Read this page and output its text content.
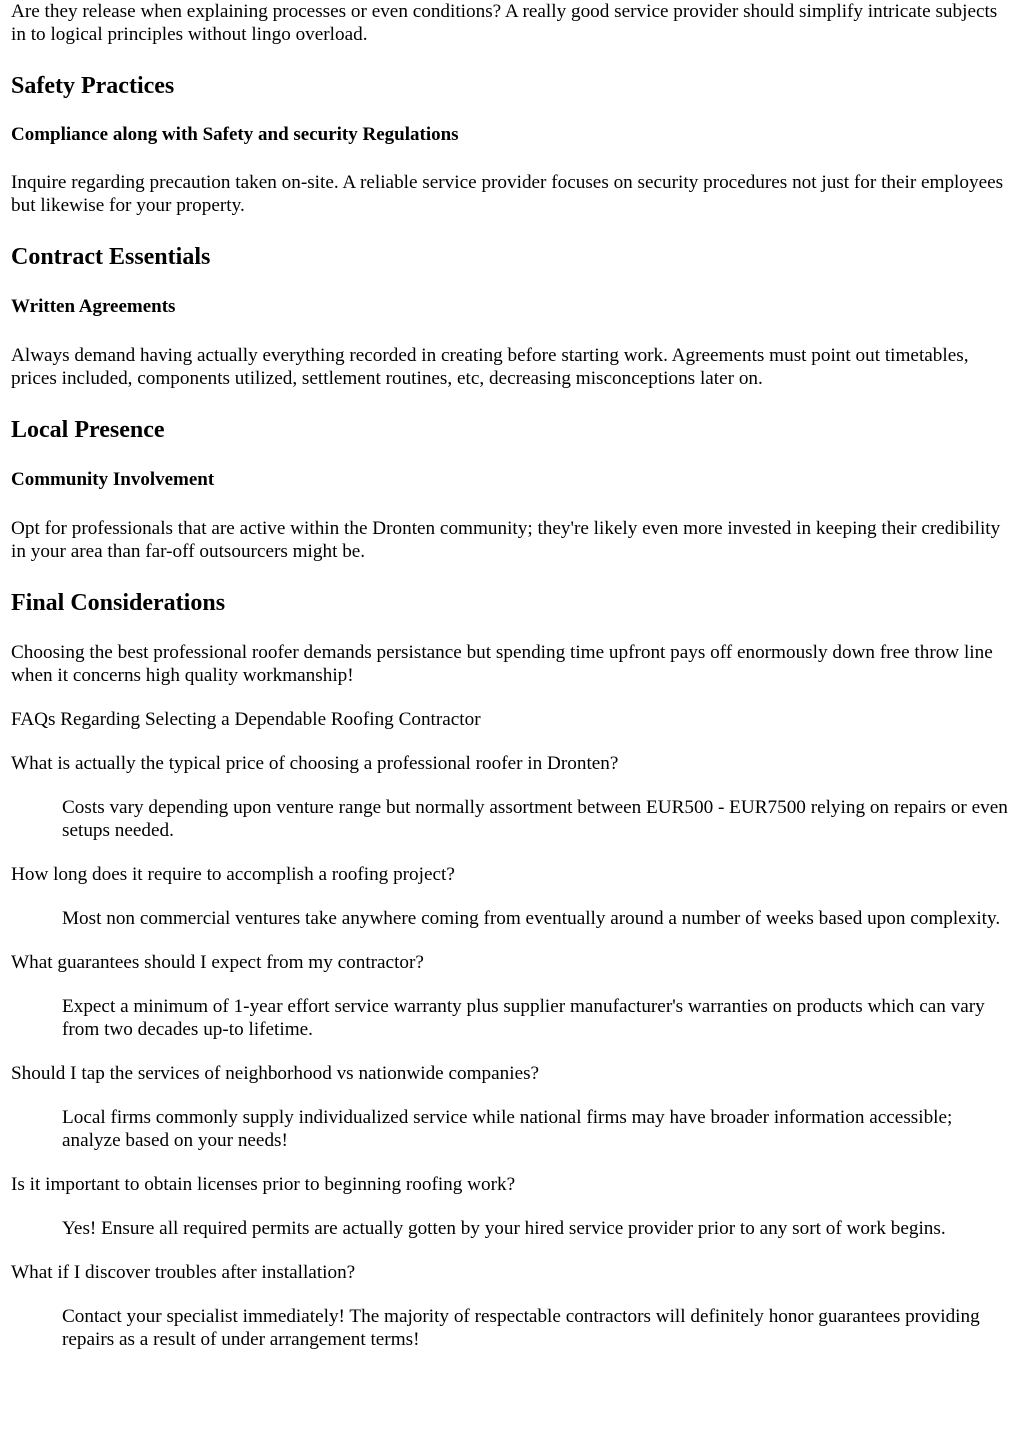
Are they release when explaining processes or even conditions? A really good service provider should simplify intricate subjects in to logical principles without lingo overload.

Safety Practices
Compliance along with Safety and security Regulations

Inquire regarding precaution taken on-site. A reliable service provider focuses on security procedures not just for their employees but likewise for your property.

Contract Essentials
Written Agreements

Always demand having actually everything recorded in creating before starting work. Agreements must point out timetables, prices included, components utilized, settlement routines, etc, decreasing misconceptions later on.

Local Presence
Community Involvement

Opt for professionals that are active within the Dronten community; they're likely even more invested in keeping their credibility in your area than far-off outsourcers might be.

Final Considerations

Choosing the best professional roofer demands persistance but spending time upfront pays off enormously down free throw line when it concerns high quality workmanship!

FAQs Regarding Selecting a Dependable Roofing Contractor

What is actually the typical price of choosing a professional roofer in Dronten?
Costs vary depending upon venture range but normally assortment between EUR500 - EUR7500 relying on repairs or even setups needed.
How long does it require to accomplish a roofing project?
Most non commercial ventures take anywhere coming from eventually around a number of weeks based upon complexity.
What guarantees should I expect from my contractor?
Expect a minimum of 1-year effort service warranty plus supplier manufacturer's warranties on products which can vary from two decades up-to lifetime.
Should I tap the services of neighborhood vs nationwide companies?
Local firms commonly supply individualized service while national firms may have broader information accessible; analyze based on your needs!
Is it important to obtain licenses prior to beginning roofing work?
Yes! Ensure all required permits are actually gotten by your hired service provider prior to any sort of work begins.
What if I discover troubles after installation?
Contact your specialist immediately! The majority of respectable contractors will definitely honor guarantees providing repairs as a result of under arrangement terms!
